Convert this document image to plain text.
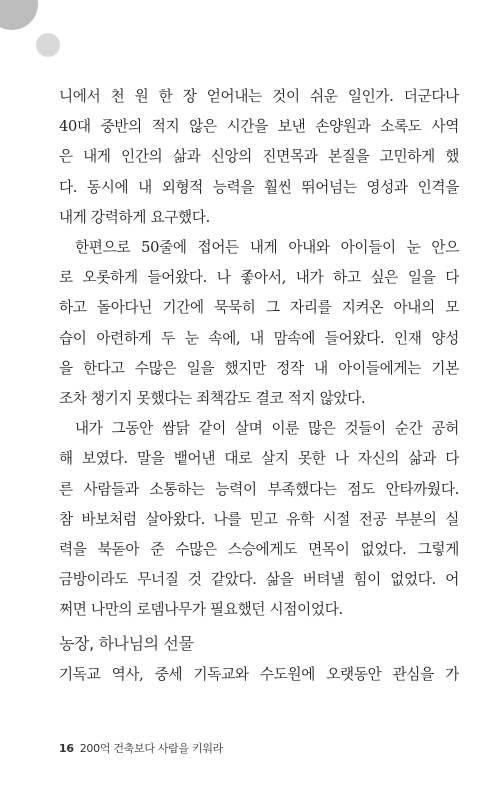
니에서 천 원 한 장 얻어내는 것이 쉬운 일인가. 더군다나
40대 중반의 적지 않은 시간을 보낸 손양원과 소록도 사역
은 내게 인간의 삶과 신앙의 진면목과 본질을 고민하게 했
다. 동시에 내 외형적 능력을 훨씬 뛰어넘는 영성과 인격을
내게 강력하게 요구했다.
한편으로 50줄에 접어든 내게 아내와 아이들이 눈 안으
로 오롯하게 들어왔다. 나 좋아서, 내가 하고 싶은 일을 다
하고 돌아다닌 기간에 묵묵히 그 자리를 지켜온 아내의 모
습이 아련하게 두 눈 속에, 내 맘속에 들어왔다. 인재 양성
을 한다고 수많은 일을 했지만 정작 내 아이들에게는 기본
조차 챙기지 못했다는 죄책감도 결코 적지 않았다.
내가 그동안 쌈닭 같이 살며 이룬 많은 것들이 순간 공허
해 보였다. 말을 뱉어낸 대로 살지 못한 나 자신의 삶과 다
른 사람들과 소통하는 능력이 부족했다는 점도 안타까웠다.
참 바보처럼 살아왔다. 나를 믿고 유학 시절 전공 부분의 실
력을 북돋아 준 수많은 스승에게도 면목이 없었다. 그렇게
금방이라도 무너질 것 같았다. 삶을 버텨낼 힘이 없었다. 어
쩌면 나만의 로뎀나무가 필요했던 시점이었다.
농장, 하나님의 선물
기독교 역사, 중세 기독교와 수도원에 오랫동안 관심을 가
16 200억 건축보다 사람을 키워라
